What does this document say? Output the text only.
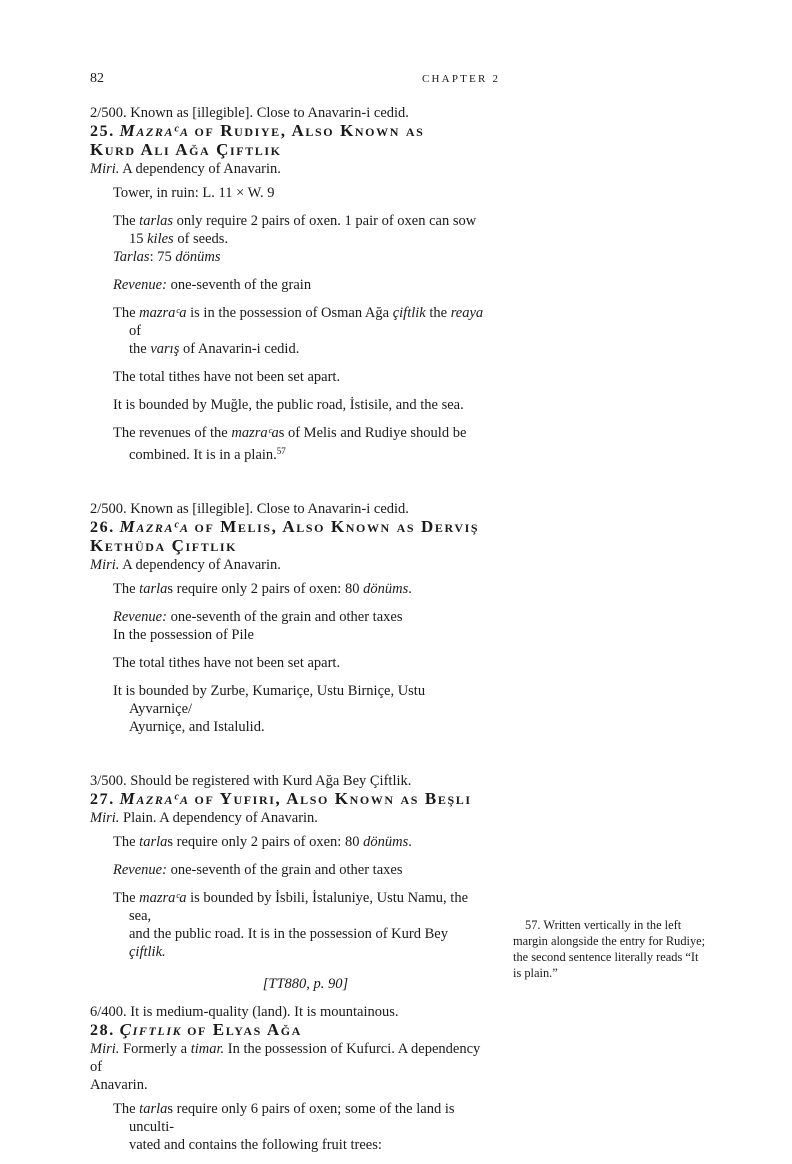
82	CHAPTER 2

2/500. Known as [illegible]. Close to Anavarin-i cedid.

25. Mazraᶜa of Rudiye, Also Known as
Kurd Ali Ağa Çiftlik

Miri. A dependency of Anavarin.

Tower, in ruin: L. 11 × W. 9

The tarlas only require 2 pairs of oxen. 1 pair of oxen can sow
15 kiles of seeds.

Tarlas: 75 dönüms

Revenue: one-seventh of the grain

The mazraᶜa is in the possession of Osman Ağa çiftlik the reaya of
the varış of Anavarin-i cedid.

The total tithes have not been set apart.

It is bounded by Muğle, the public road, İstisile, and the sea.

The revenues of the mazraᶜas of Melis and Rudiye should be
combined. It is in a plain.$^{57}$

2/500. Known as [illegible]. Close to Anavarin-i cedid.

26. Mazraᶜa of Melis, Also Known as Derviş
Kethüda Çiftlik

Miri. A dependency of Anavarin.

The tarlas require only 2 pairs of oxen: 80 dönüms.

Revenue: one-seventh of the grain and other taxes
In the possession of Pile

The total tithes have not been set apart.

It is bounded by Zurbe, Kumariçe, Ustu Birniçe, Ustu Ayvarniçe/
Ayurniçe, and Istalulid.

3/500. Should be registered with Kurd Ağa Bey Çiftlik.

27. Mazraᶜa of Yufiri, Also Known as Beşli

Miri. Plain. A dependency of Anavarin.

The tarlas require only 2 pairs of oxen: 80 dönüms.

Revenue: one-seventh of the grain and other taxes

The mazraᶜa is bounded by İsbili, İstaluniye, Ustu Namu, the sea,
and the public road. It is in the possession of Kurd Bey çiftlik.

[TT880, p. 90]

6/400. It is medium-quality (land). It is mountainous.

28. Çiftlik of Elyas Ağa

Miri. Formerly a timar. In the possession of Kufurci. A dependency of
Anavarin.

The tarlas require only 6 pairs of oxen; some of the land is unculti-
vated and contains the following fruit trees:

57. Written vertically in the left margin alongside the entry for Rudiye; the second sentence literally reads “It is plain.”
